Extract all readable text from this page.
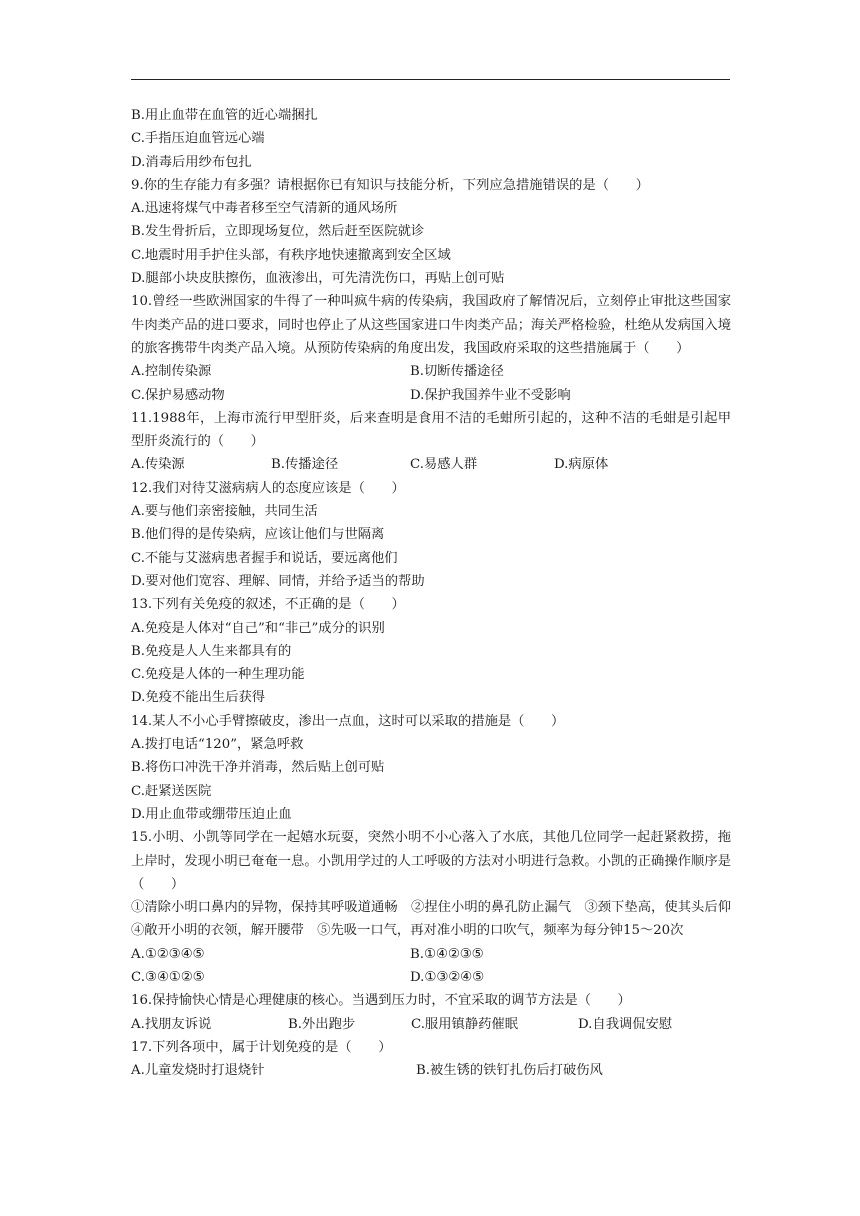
B.用止血带在血管的近心端捆扎
C.手指压迫血管远心端
D.消毒后用纱布包扎
9.你的生存能力有多强？请根据你已有知识与技能分析，下列应急措施错误的是（　　）
A.迅速将煤气中毒者移至空气清新的通风场所
B.发生骨折后，立即现场复位，然后赶至医院就诊
C.地震时用手护住头部，有秩序地快速撤离到安全区域
D.腿部小块皮肤擦伤，血液渗出，可先清洗伤口，再贴上创可贴
10.曾经一些欧洲国家的牛得了一种叫疯牛病的传染病，我国政府了解情况后，立刻停止审批这些国家牛肉类产品的进口要求，同时也停止了从这些国家进口牛肉类产品；海关严格检验，杜绝从发病国入境的旅客携带牛肉类产品入境。从预防传染病的角度出发，我国政府采取的这些措施属于（　　）
A.控制传染源	B.切断传播途径
C.保护易感动物	D.保护我国养牛业不受影响
11.1988年，上海市流行甲型肝炎，后来查明是食用不洁的毛蚶所引起的，这种不洁的毛蚶是引起甲型肝炎流行的（　　）
A.传染源	B.传播途径	C.易感人群	D.病原体
12.我们对待艾滋病病人的态度应该是（　　）
A.要与他们亲密接触，共同生活
B.他们得的是传染病，应该让他们与世隔离
C.不能与艾滋病患者握手和说话，要远离他们
D.要对他们宽容、理解、同情，并给予适当的帮助
13.下列有关免疫的叙述，不正确的是（　　）
A.免疫是人体对“自己”和“非己”成分的识别
B.免疫是人人生来都具有的
C.免疫是人体的一种生理功能
D.免疫不能出生后获得
14.某人不小心手臂擦破皮，渗出一点血，这时可以采取的措施是（　　）
A.拨打电话“120”，紧急呼救
B.将伤口冲洗干净并消毒，然后贴上创可贴
C.赶紧送医院
D.用止血带或绷带压迫止血
15.小明、小凯等同学在一起嬉水玩耍，突然小明不小心落入了水底，其他几位同学一起赶紧救捞，拖上岸时，发现小明已奄奄一息。小凯用学过的人工呼吸的方法对小明进行急救。小凯的正确操作顺序是（　　）
①清除小明口鼻内的异物，保持其呼吸道通畅　②捏住小明的鼻孔防止漏气　③颈下垫高，使其头后仰　④敞开小明的衣领，解开腰带　⑤先吸一口气，再对准小明的口吹气，频率为每分钟15～20次
A.①②③④⑤	B.①④②③⑤
C.③④①②⑤	D.①③②④⑤
16.保持愉快心情是心理健康的核心。当遇到压力时，不宜采取的调节方法是（　　）
A.找朋友诉说	B.外出跑步	C.服用镇静药催眠	D.自我调侃安慰
17.下列各项中，属于计划免疫的是（　　）
A.儿童发烧时打退烧针	B.被生锈的铁钉扎伤后打破伤风
